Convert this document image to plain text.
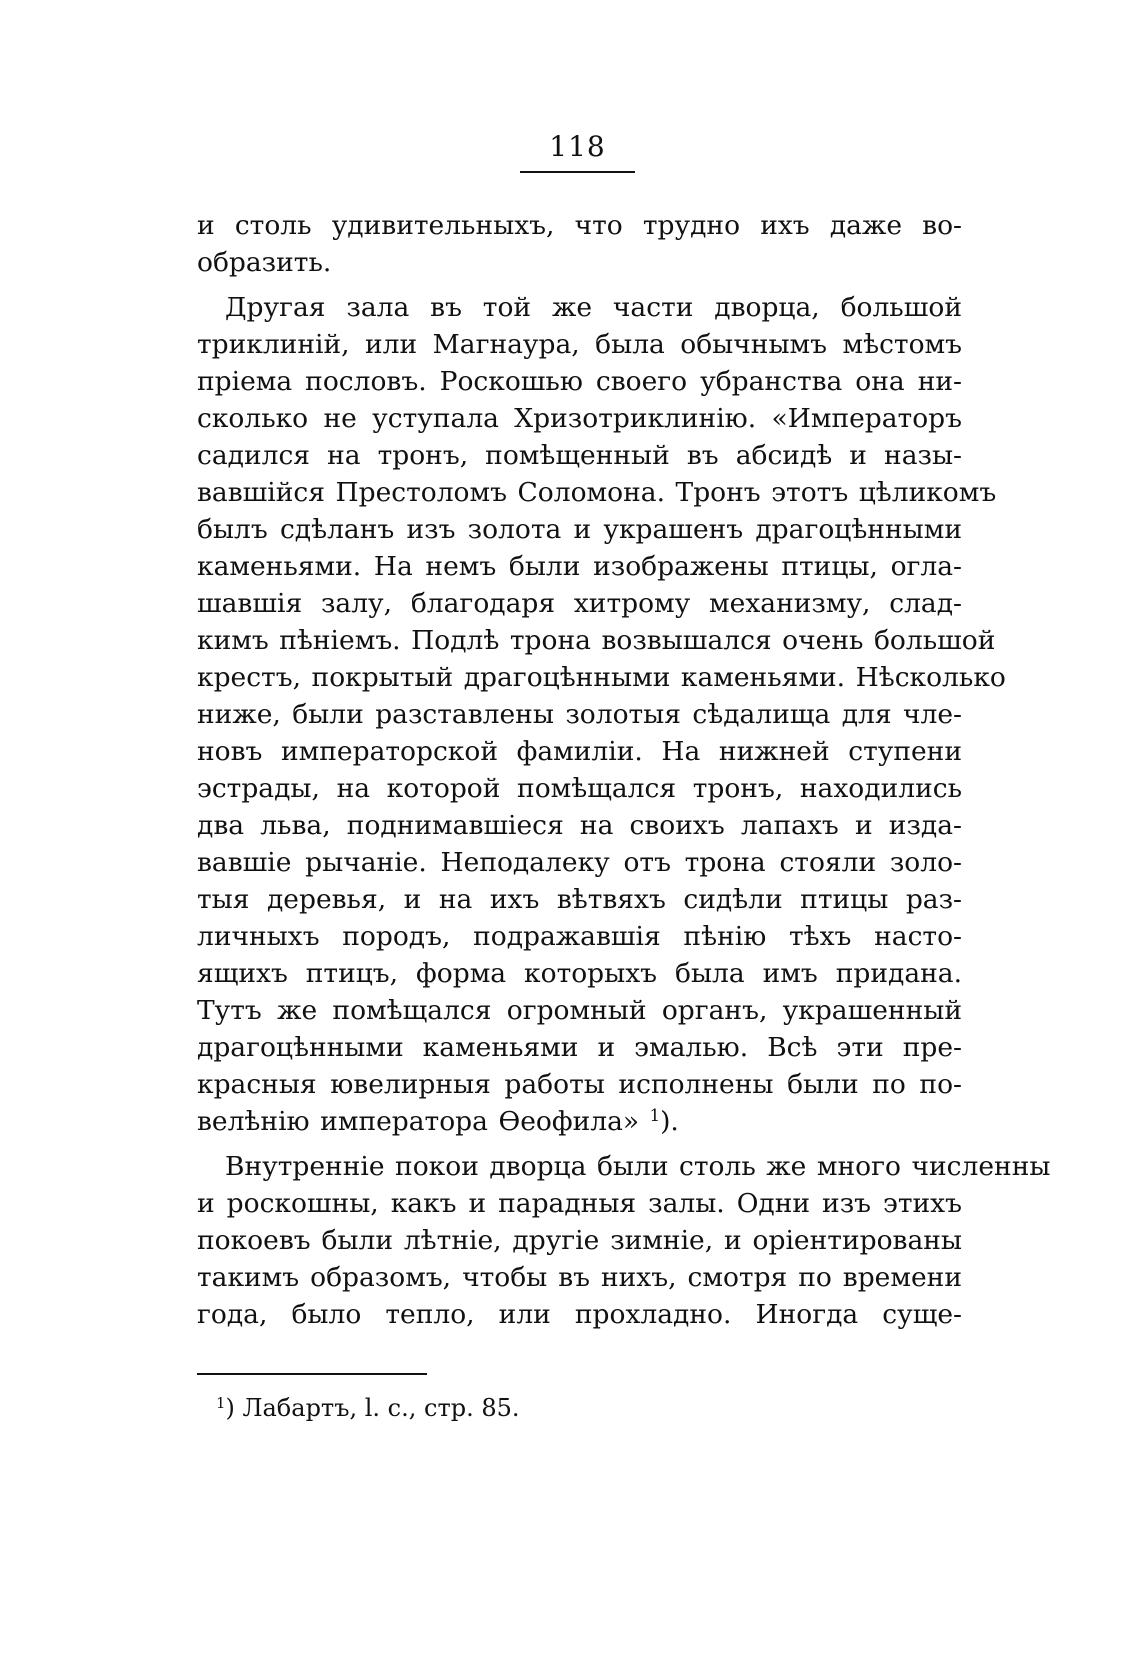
118
и столь удивительныхъ, что трудно ихъ даже во-
образить.
Другая зала въ той же части дворца, большой
триклиній, или Магнаура, была обычнымъ мѣстомъ
пріема пословъ. Роскошью своего убранства она ни-
сколько не уступала Хризотриклинію. «Императоръ
садился на тронъ, помѣщенный въ абсидѣ и назы-
вавшійся Престоломъ Соломона. Тронъ этотъ цѣликомъ
былъ сдѣланъ изъ золота и украшенъ драгоцѣнными
каменьями. На немъ были изображены птицы, огла-
шавшія залу, благодаря хитрому механизму, слад-
кимъ пѣніемъ. Подлѣ трона возвышался очень большой
крестъ, покрытый драгоцѣнными каменьями. Нѣсколько
ниже, были разставлены золотыя сѣдалища для чле-
новъ императорской фамиліи. На нижней ступени
эстрады, на которой помѣщался тронъ, находились
два льва, поднимавшіеся на своихъ лапахъ и изда-
вавшіе рычаніе. Неподалеку отъ трона стояли золо-
тыя деревья, и на ихъ вѣтвяхъ сидѣли птицы раз-
личныхъ породъ, подражавшія пѣнію тѣхъ насто-
ящихъ птицъ, форма которыхъ была имъ придана.
Тутъ же помѣщался огромный органъ, украшенный
драгоцѣнными каменьями и эмалью. Всѣ эти пре-
красныя ювелирныя работы исполнены были по по-
велѣнію императора Ѳеофила» $^1$).
Внутренніе покои дворца были столь же много численны
и роскошны, какъ и парадныя залы. Одни изъ этихъ
покоевъ были лѣтніе, другіе зимніе, и оріентированы
такимъ образомъ, чтобы въ нихъ, смотря по времени
года, было тепло, или прохладно. Иногда суще-
$^1$) Лабартъ, l. c., стр. 85.
